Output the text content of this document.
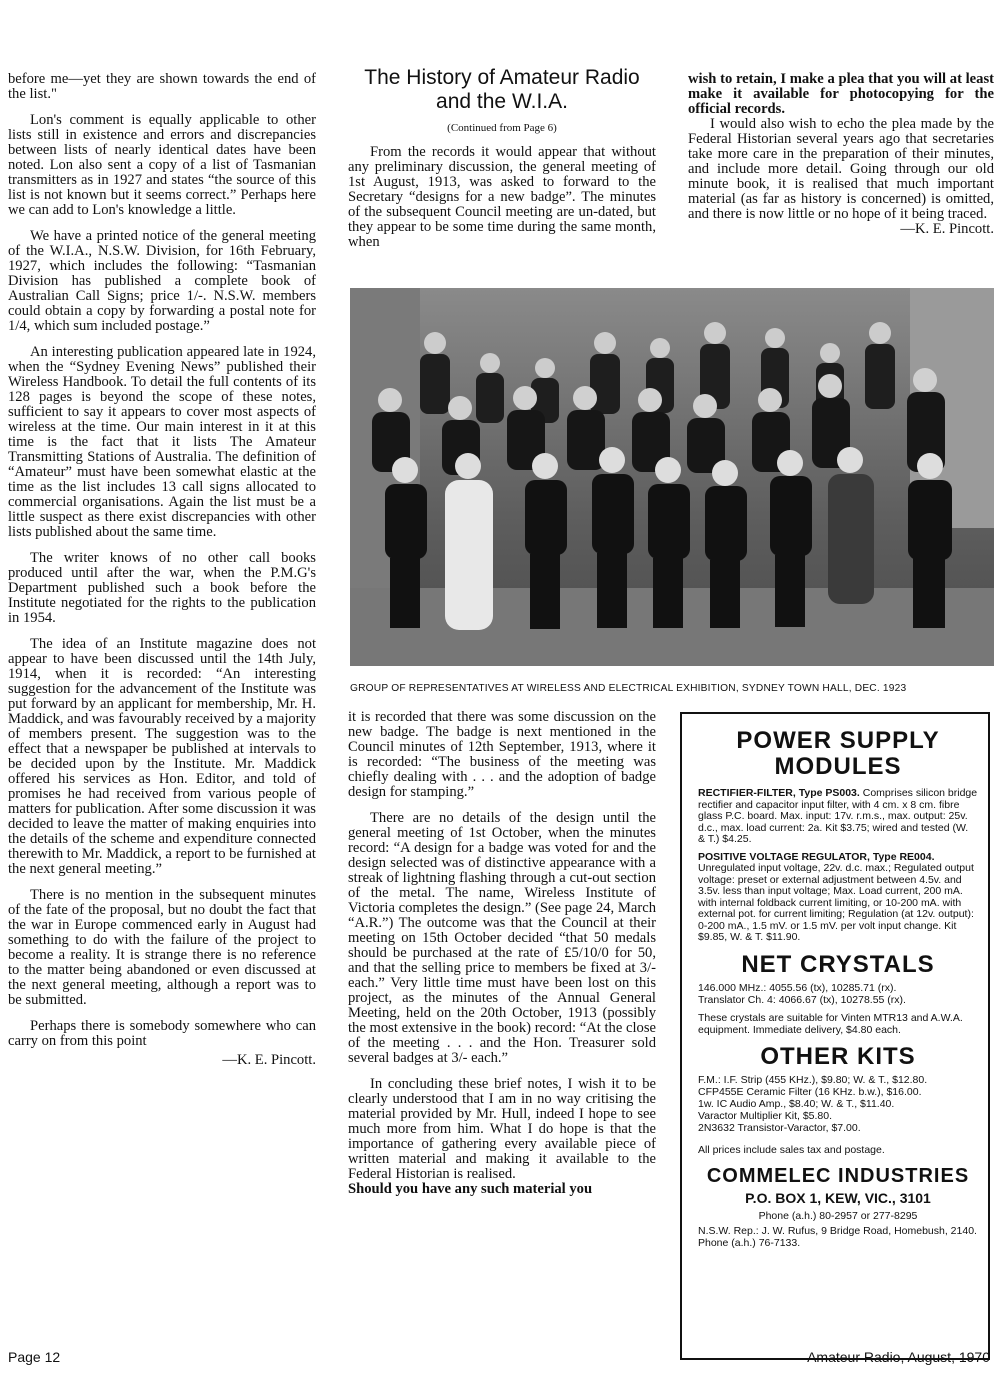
before me—yet they are shown towards the end of the list."

Lon's comment is equally applicable to other lists still in existence and errors and discrepancies between lists of nearly identical dates have been noted. Lon also sent a copy of a list of Tasmanian transmitters as in 1927 and states “the source of this list is not known but it seems correct.” Perhaps here we can add to Lon's knowledge a little.

We have a printed notice of the general meeting of the W.I.A., N.S.W. Division, for 16th February, 1927, which includes the following: “Tasmanian Division has published a complete book of Australian Call Signs; price 1/-. N.S.W. members could obtain a copy by forwarding a postal note for 1/4, which sum included postage.”

An interesting publication appeared late in 1924, when the “Sydney Evening News” published their Wireless Handbook. To detail the full contents of its 128 pages is beyond the scope of these notes, sufficient to say it appears to cover most aspects of wireless at the time. Our main interest in it at this time is the fact that it lists The Amateur Transmitting Stations of Australia. The definition of “Amateur” must have been somewhat elastic at the time as the list includes 13 call signs allocated to commercial organisations. Again the list must be a little suspect as there exist discrepancies with other lists published about the same time.

The writer knows of no other call books produced until after the war, when the P.M.G's Department published such a book before the Institute negotiated for the rights to the publication in 1954.

The idea of an Institute magazine does not appear to have been discussed until the 14th July, 1914, when it is recorded: “An interesting suggestion for the advancement of the Institute was put forward by an applicant for membership, Mr. H. Maddick, and was favourably received by a majority of members present. The suggestion was to the effect that a newspaper be published at intervals to be decided upon by the Institute. Mr. Maddick offered his services as Hon. Editor, and told of promises he had received from various people of matters for publication. After some discussion it was decided to leave the matter of making enquiries into the details of the scheme and expenditure connected therewith to Mr. Maddick, a report to be furnished at the next general meeting.”

There is no mention in the subsequent minutes of the fate of the proposal, but no doubt the fact that the war in Europe commenced early in August had something to do with the failure of the project to become a reality. It is strange there is no reference to the matter being abandoned or even discussed at the next general meeting, although a report was to be submitted.

Perhaps there is somebody somewhere who can carry on from this point

—K. E. Pincott.

The History of Amateur Radio and the W.I.A.

(Continued from Page 6)

From the records it would appear that without any preliminary discussion, the general meeting of 1st August, 1913, was asked to forward to the Secretary “designs for a new badge”. The minutes of the subsequent Council meeting are un-dated, but they appear to be some time during the same month, when

wish to retain, I make a plea that you will at least make it available for photocopying for the official records.

I would also wish to echo the plea made by the Federal Historian several years ago that secretaries take more care in the preparation of their minutes, and include more detail. Going through our old minute book, it is realised that much important material (as far as history is concerned) is omitted, and there is now little or no hope of it being traced.

—K. E. Pincott.

GROUP OF REPRESENTATIVES AT WIRELESS AND ELECTRICAL EXHIBITION, SYDNEY TOWN HALL, DEC. 1923

it is recorded that there was some discussion on the new badge. The badge is next mentioned in the Council minutes of 12th September, 1913, where it is recorded: “The business of the meeting was chiefly dealing with . . . and the adoption of badge design for stamping.”

There are no details of the design until the general meeting of 1st October, when the minutes record: “A design for a badge was voted for and the design selected was of distinctive appearance with a streak of lightning flashing through a cut-out section of the metal. The name, Wireless Institute of Victoria completes the design.” (See page 24, March “A.R.”) The outcome was that the Council at their meeting on 15th October decided “that 50 medals should be purchased at the rate of £5/10/0 for 50, and that the selling price to members be fixed at 3/- each.” Very little time must have been lost on this project, as the minutes of the Annual General Meeting, held on the 20th October, 1913 (possibly the most extensive in the book) record: “At the close of the meeting . . . and the Hon. Treasurer sold several badges at 3/- each.”

In concluding these brief notes, I wish it to be clearly understood that I am in no way critising the material provided by Mr. Hull, indeed I hope to see much more from him. What I do hope is that the importance of gathering every available piece of written material and making it available to the Federal Historian is realised.

Should you have any such material you

POWER SUPPLY MODULES

RECTIFIER-FILTER, Type PS003. Comprises silicon bridge rectifier and capacitor input filter, with 4 cm. x 8 cm. fibre glass P.C. board. Max. input: 17v. r.m.s., max. output: 25v. d.c., max. load current: 2a. Kit $3.75; wired and tested (W. & T.) $4.25.

POSITIVE VOLTAGE REGULATOR, Type RE004. Unregulated input voltage, 22v. d.c. max.; Regulated output voltage: preset or external adjustment between 4.5v. and 3.5v. less than input voltage; Max. Load current, 200 mA. with internal foldback current limiting, or 10-200 mA. with external pot. for current limiting; Regulation (at 12v. output): 0-200 mA., 1.5 mV. or 1.5 mV. per volt input change. Kit $9.85, W. & T. $11.90.

NET CRYSTALS

146.000 MHz.: 4055.56 (tx), 10285.71 (rx).

Translator Ch. 4: 4066.67 (tx), 10278.55 (rx).

These crystals are suitable for Vinten MTR13 and A.W.A. equipment. Immediate delivery, $4.80 each.

OTHER KITS

F.M.: I.F. Strip (455 KHz.), $9.80; W. & T., $12.80.

CFP455E Ceramic Filter (16 KHz. b.w.), $16.00.

1w. IC Audio Amp., $8.40; W. & T., $11.40.

Varactor Multiplier Kit, $5.80.

2N3632 Transistor-Varactor, $7.00.

All prices include sales tax and postage.

COMMELEC INDUSTRIES

P.O. BOX 1, KEW, VIC., 3101

Phone (a.h.) 80-2957 or 277-8295

N.S.W. Rep.: J. W. Rufus, 9 Bridge Road, Homebush, 2140. Phone (a.h.) 76-7133.

Page 12	Amateur Radio, August, 1970
